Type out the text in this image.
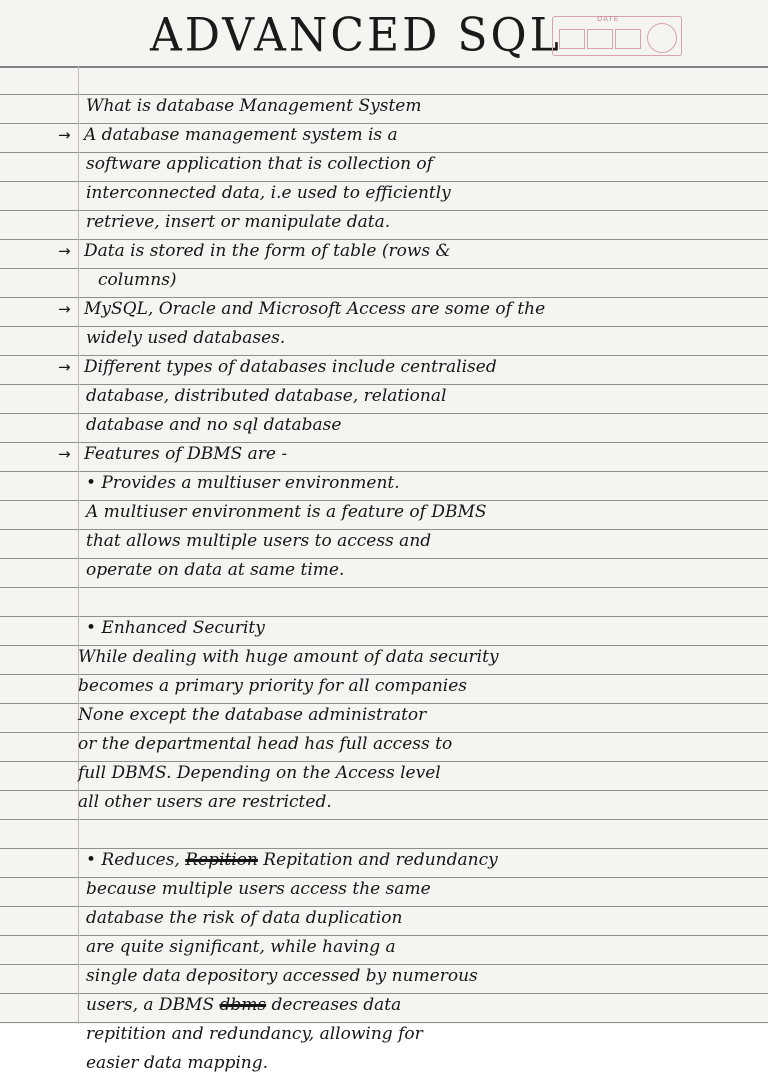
ADVANCED SQL	DATE
What is database Management System
→ A database management system is a
software application that is collection of
interconnected data, i.e used to efficiently
retrieve, insert or manipulate data.
→ Data is stored in the form of table (rows &
columns)
→ MySQL, Oracle and Microsoft Access are some of the
widely used databases.
→ Different types of databases include centralised
database, distributed database, relational
database and no sql database
→ Features of DBMS are -
• Provides a multiuser environment.
A multiuser environment is a feature of DBMS
that allows multiple users to access and
operate on data at same time.
• Enhanced Security
While dealing with huge amount of data security
becomes a primary priority for all companies
None except the database administrator
or the departmental head has full access to
full DBMS. Depending on the Access level
all other users are restricted.
• Reduces, Repition Repitation and redundancy
because multiple users access the same
database the risk of data duplication
are quite significant, while having a
single data depository accessed by numerous
users, a DBMS dbms decreases data
repitition and redundancy, allowing for
easier data mapping.
